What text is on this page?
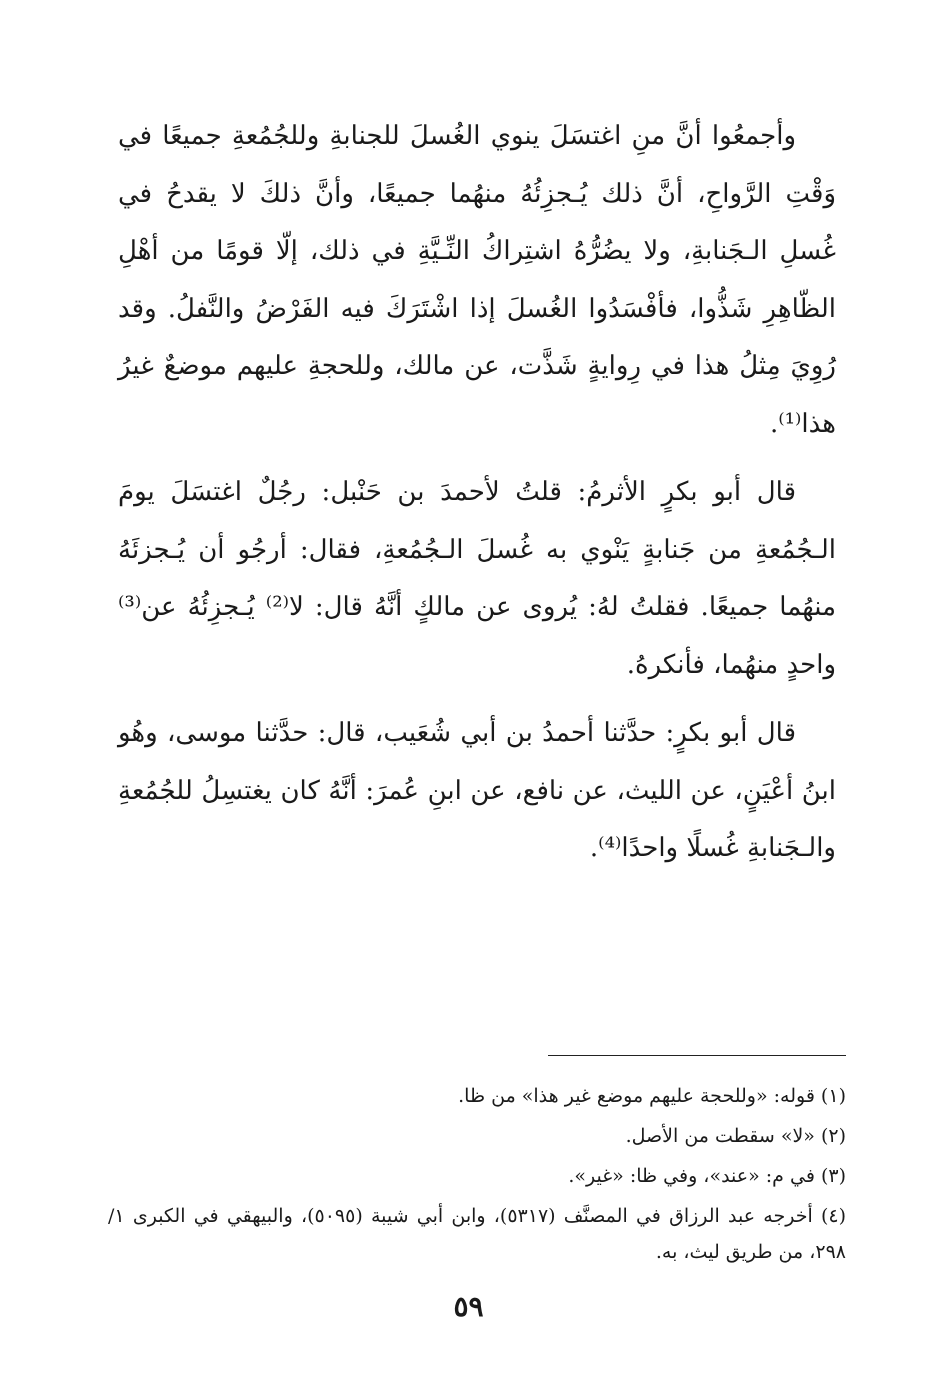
وأجمعُوا أنَّ منِ اغتسَلَ ينوي الغُسلَ للجنابةِ وللجُمُعةِ جميعًا في وَقْتِ الرَّواحِ، أنَّ ذلك يُـجزِئُهُ منهُما جميعًا، وأنَّ ذلكَ لا يقدحُ في غُسلِ الـجَنابةِ، ولا يضُرُّهُ اشتِراكُ النِّـيَّةِ في ذلك، إلّا قومًا من أهْلِ الظّاهِرِ شَذُّوا، فأفْسَدُوا الغُسلَ إذا اشْتَرَكَ فيه الفَرْضُ والنَّفلُ. وقد رُوِيَ مِثلُ هذا في رِوايةٍ شَذَّت، عن مالك، وللحجةِ عليهم موضعٌ غيرُ هذا⁽¹⁾.

قال أبو بكرٍ الأثرمُ: قلتُ لأحمدَ بن حَنْبل: رجُلٌ اغتسَلَ يومَ الـجُمُعةِ من جَنابةٍ يَنْوي به غُسلَ الـجُمُعةِ، فقال: أرجُو أن يُـجزئَهُ منهُما جميعًا. فقلتُ لهُ: يُروى عن مالكٍ أنَّهُ قال: لا⁽²⁾ يُـجزِئُهُ عن⁽³⁾ واحدٍ منهُما، فأنكرهُ.

قال أبو بكرٍ: حدَّثنا أحمدُ بن أبي شُعَيب، قال: حدَّثنا موسى، وهُو ابنُ أعْيَنٍ، عن الليث، عن نافع، عن ابنِ عُمرَ: أنَّهُ كان يغتسِلُ للجُمُعةِ والـجَنابةِ غُسلًا واحدًا⁽⁴⁾.

(١) قوله: «وللحجة عليهم موضع غير هذا» من ظا.

(٢) «لا» سقطت من الأصل.

(٣) في م: «عند»، وفي ظا: «غير».

(٤) أخرجه عبد الرزاق في المصنَّف (٥٣١٧)، وابن أبي شيبة (٥٠٩٥)، والبيهقي في الكبرى ١/ ٢٩٨، من طريق ليث، به.

٥٩
